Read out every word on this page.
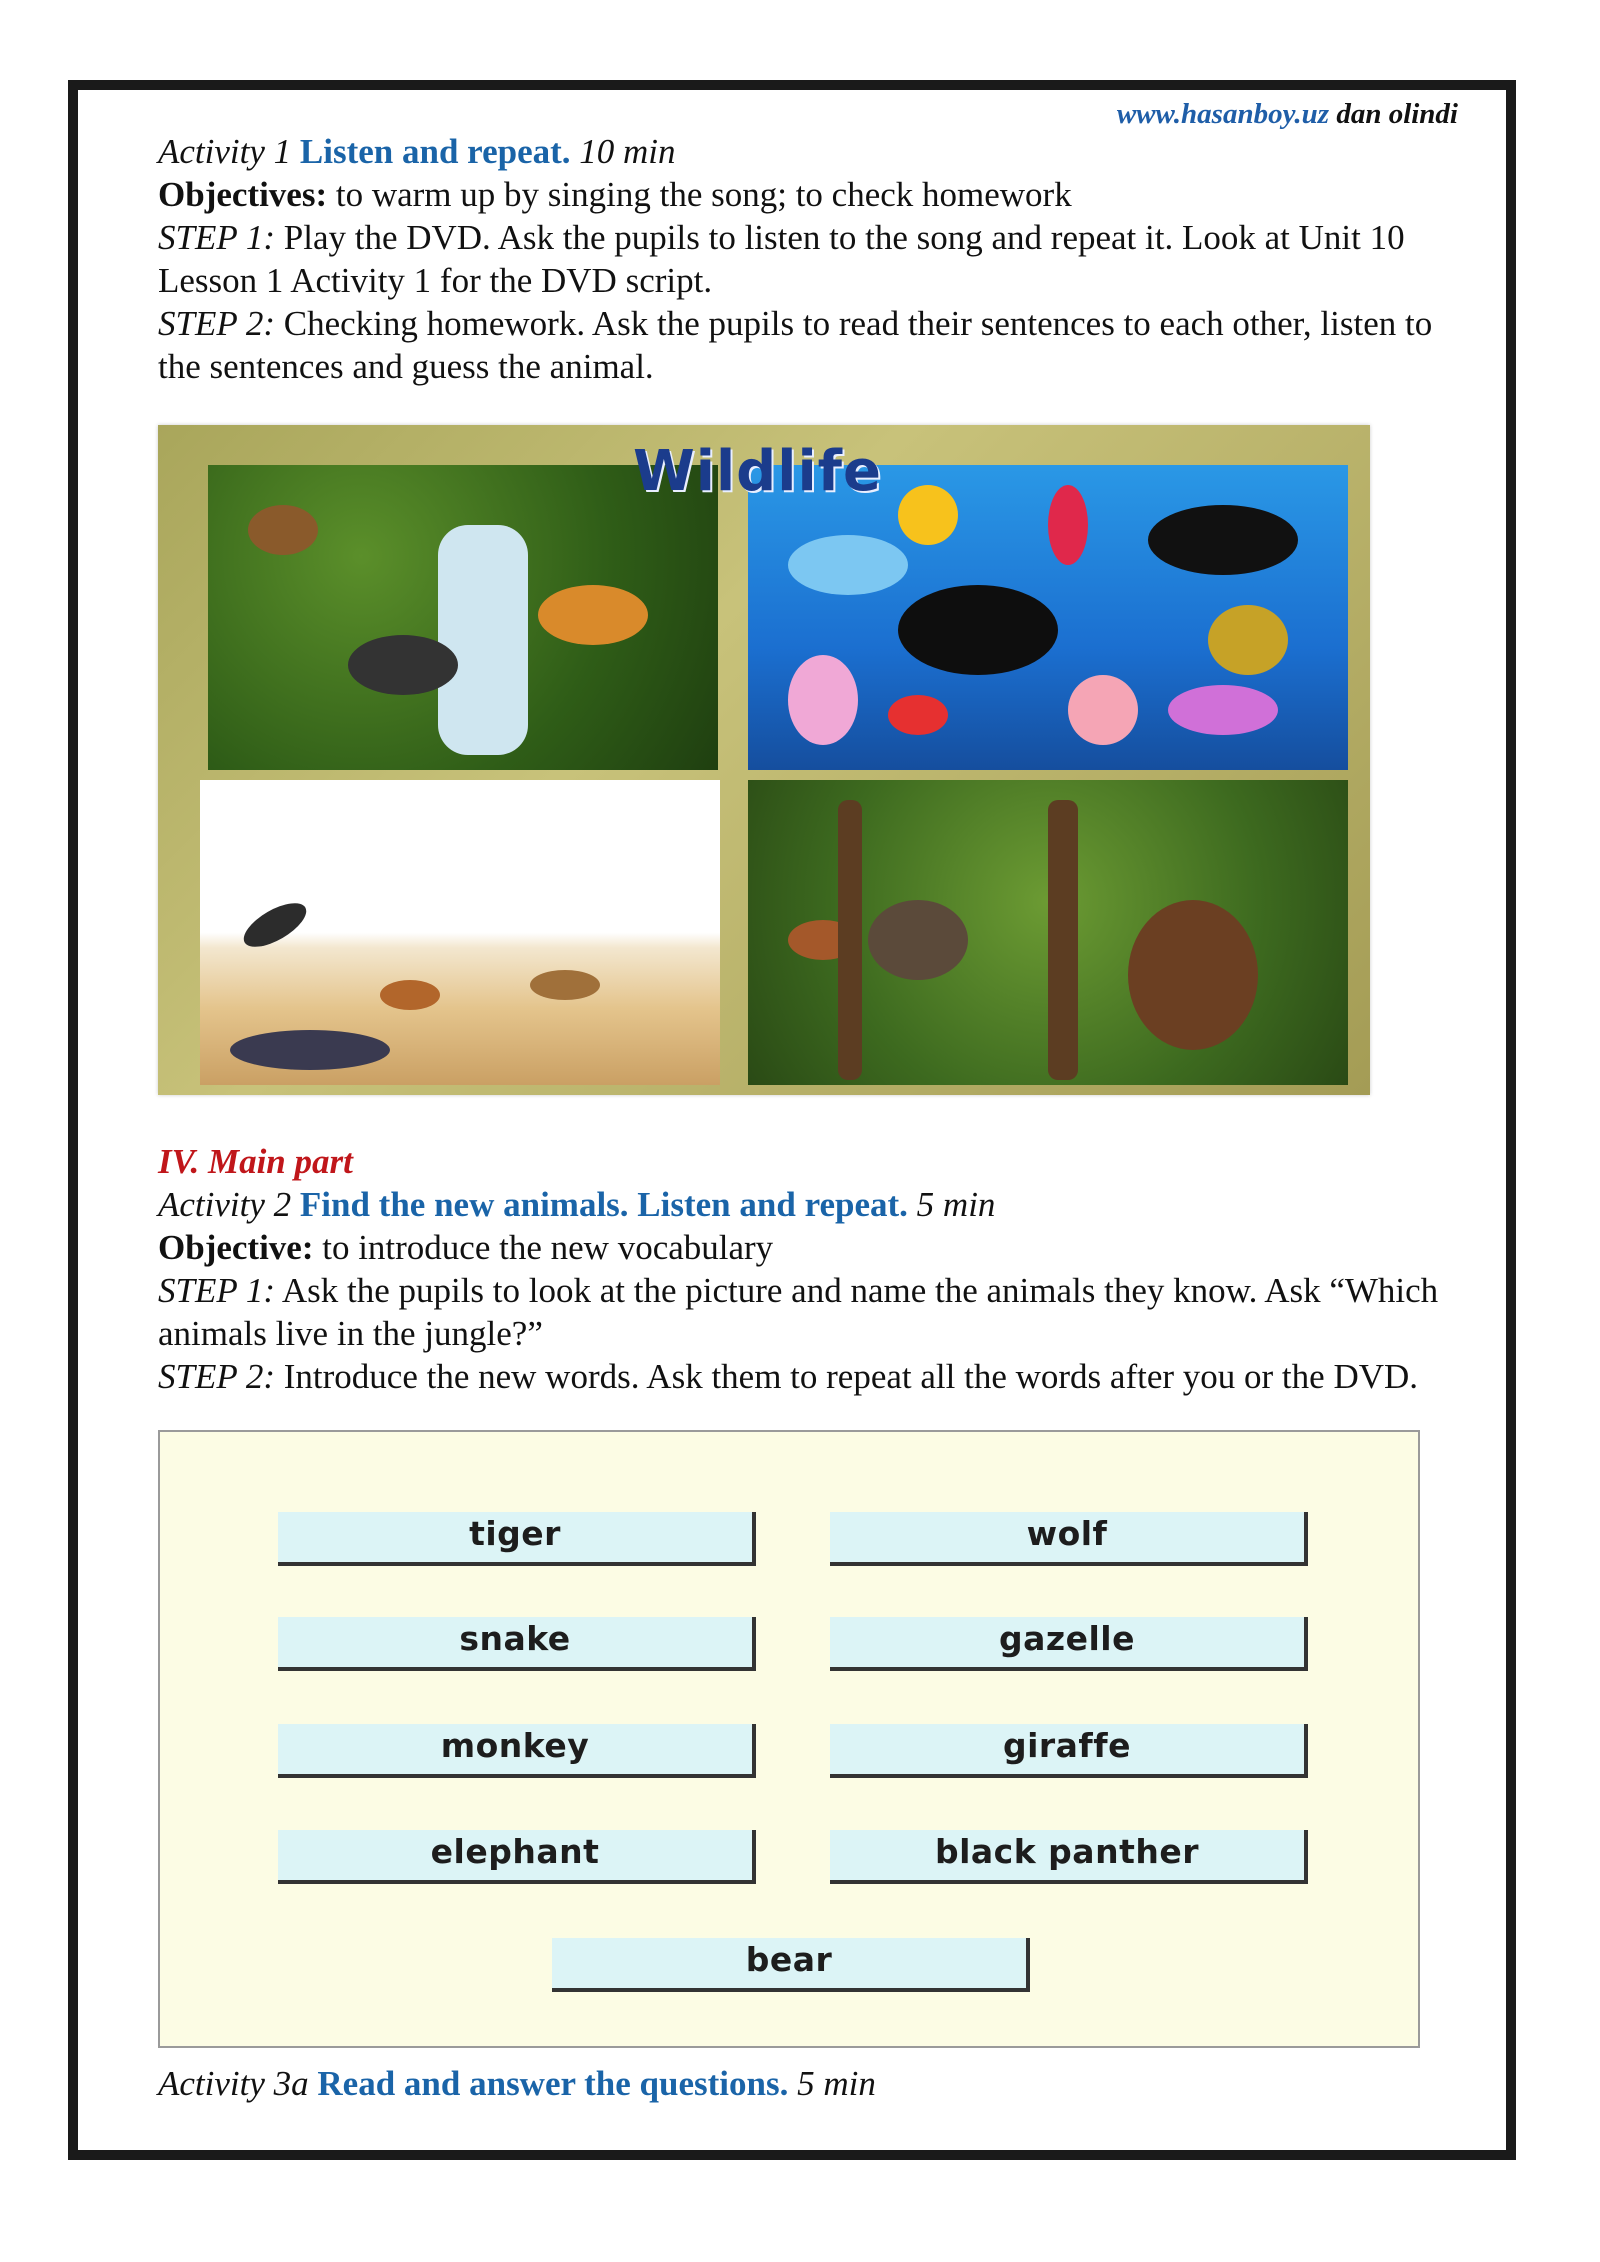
www.hasanboy.uz dan olindi

Activity 1 Listen and repeat. 10 min

Objectives: to warm up by singing the song; to check homework

STEP 1: Play the DVD. Ask the pupils to listen to the song and repeat it. Look at Unit 10 Lesson 1 Activity 1 for the DVD script.

STEP 2: Checking homework. Ask the pupils to read their sentences to each other, listen to the sentences and guess the animal.

Wildlife

IV. Main part

Activity 2 Find the new animals. Listen and repeat. 5 min

Objective: to introduce the new vocabulary

STEP 1: Ask the pupils to look at the picture and name the animals they know. Ask “Which animals live in the jungle?”

STEP 2: Introduce the new words. Ask them to repeat all the words after you or the DVD.

tiger	wolf
snake	gazelle
monkey	giraffe
elephant	black panther
bear

Activity 3a Read and answer the questions. 5 min
